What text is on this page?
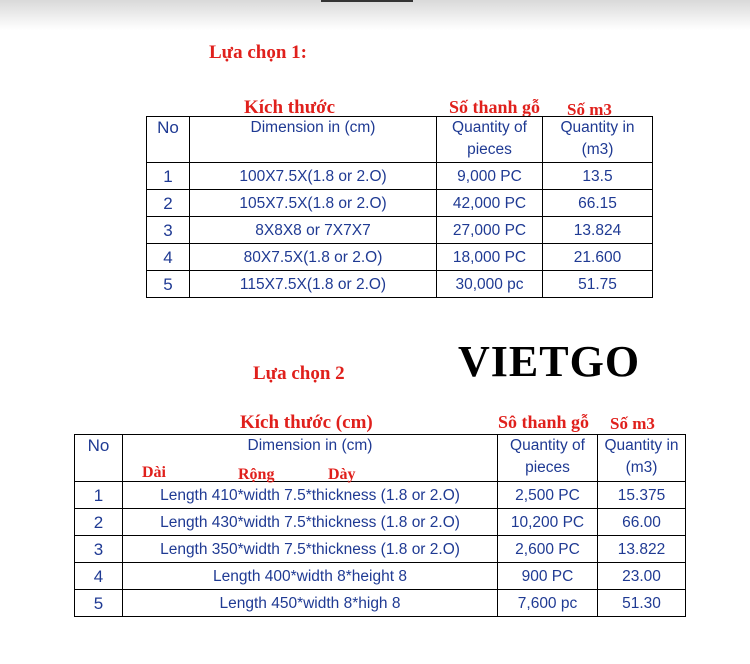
Lựa chọn 1:
Kích thước	Số thanh gỗ Số m3
No	Dimension in (cm)	Quantity of pieces	Quantity in (m3)
1	100X7.5X(1.8 or 2.O)	9,000 PC	13.5
2	105X7.5X(1.8 or 2.O)	42,000 PC	66.15
3	8X8X8 or 7X7X7	27,000 PC	13.824
4	80X7.5X(1.8 or 2.O)	18,000 PC	21.600
5	115X7.5X(1.8 or 2.O)	30,000 pc	51.75
VIETGO
Lựa chọn 2
Kích thước (cm)	Sô thanh gỗ Số m3
No	Dimension in (cm)	Quantity of pieces	Quantity in (m3)
1	Length 410*width 7.5*thickness (1.8 or 2.O)	2,500 PC	15.375
2	Length 430*width 7.5*thickness (1.8 or 2.O)	10,200 PC	66.00
3	Length 350*width 7.5*thickness (1.8 or 2.O)	2,600 PC	13.822
4	Length 400*width 8*height 8	900 PC	23.00
5	Length 450*width 8*high 8	7,600 pc	51.30
Dài	Rộng	Dày
